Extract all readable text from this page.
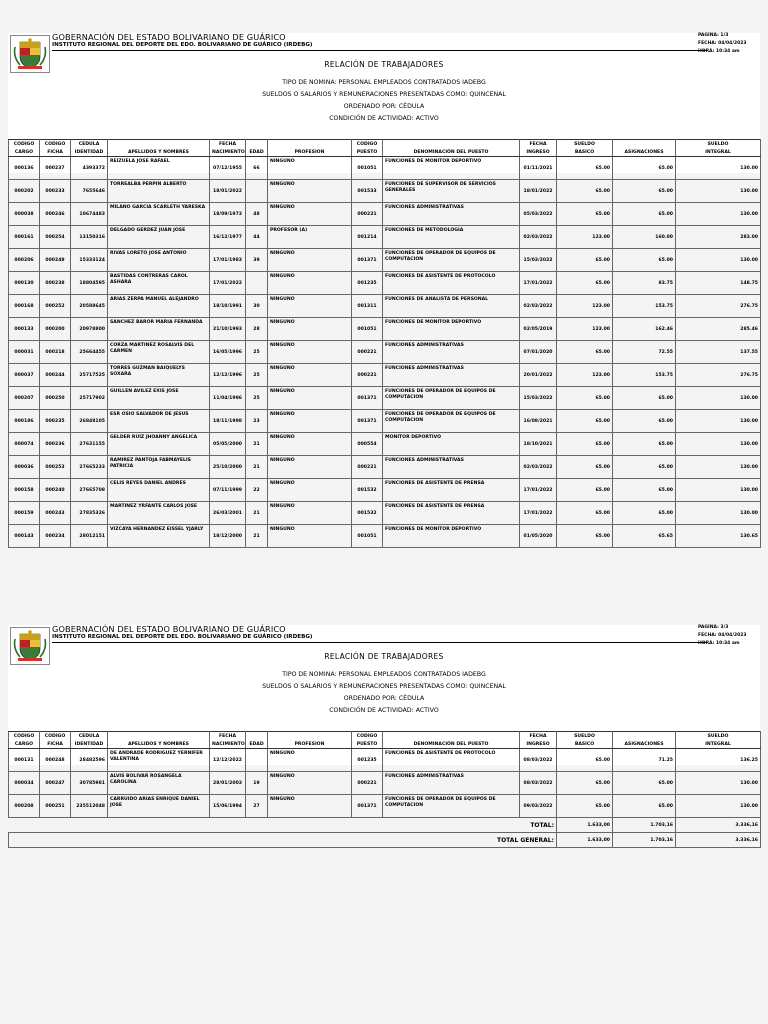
GOBERNACIÓN DEL ESTADO BOLIVARIANO DE GUÁRICO
INSTITUTO REGIONAL DEL DEPORTE DEL EDO. BOLIVARIANO DE GUÁRICO (IRDEBG)
PAGINA: 1/3
FECHA: 04/04/2023
HORA: 10:34 am
RELACIÓN DE TRABAJADORES
TIPO DE NOMINA: PERSONAL EMPLEADOS CONTRATADOS IADEBG
SUELDOS O SALARIOS Y REMUNERACIONES PRESENTADAS COMO: QUINCENAL
ORDENADO POR: CÉDULA
CONDICIÓN DE ACTIVIDAD: ACTIVO
CODIGO	CODIGO	CEDULA		FECHA			CODIGO		FECHA	SUELDO		SUELDO
CARGO	FICHA	IDENTIDAD	APELLIDOS Y NOMBRES	NACIMIENTO	EDAD	PROFESION	PUESTO	DENOMINACIÓN DEL PUESTO	INGRESO	BASICO	ASIGNACIONES	INTEGRAL
000136	000237	4393372	REIZUELA JOSE RAFAEL	07/12/1955	66	NINGUNO	001051	FUNCIONES DE MONITOR DEPORTIVO	01/11/2021	65.00	65.00	130.00
000202	000233	7655646	TORREALBA PERPIN ALBERTO	18/01/2022		NINGUNO	001533	FUNCIONES DE SUPERVISOR DE SERVICIOS GENERALES	18/01/2022	65.00	65.00	130.00
000038	000246	10674483	MILANO GARCIA SCARLETH YARESKA	18/09/1973	48	NINGUNO	000221	FUNCIONES ADMINISTRATIVAS	05/03/2022	65.00	65.00	130.00
000161	000254	13150316	DELGADO GERDEZ JUAN JOSE	16/12/1977	44	PROFESOR (A)	001214	FUNCIONES DE METODOLOGIA	02/03/2022	123.00	160.00	283.00
000206	000249	15333124	RIVAS LORETO JOSE ANTONIO	17/01/1983	39	NINGUNO	001371	FUNCIONES DE OPERADOR DE EQUIPOS DE COMPUTACION	15/03/2022	65.00	65.00	130.00
000130	000238	18804595	BASTIDAS CONTRERAS CAROL ASHARA	17/01/2022		NINGUNO	001235	FUNCIONES DE ASISTENTE DE PROTOCOLO	17/01/2022	65.00	83.75	148.75
000168	000252	20588645	ARIAS ZERPA MANUEL ALEJANDRO	18/10/1991	30	NINGUNO	001311	FUNCIONES DE ANALISTA DE PERSONAL	02/03/2022	123.00	153.75	276.75
000133	000200	20978800	SANCHEZ BAROR MARIA FERNANDA	21/10/1993	28	NINGUNO	001051	FUNCIONES DE MONITOR DEPORTIVO	02/05/2019	123.00	162.46	285.46
000031	000218	25664455	CORZA MARTINEZ ROSALVIS DEL CARMEN	16/05/1996	25	NINGUNO	000221	FUNCIONES ADMINISTRATIVAS	07/01/2020	65.00	72.55	137.55
000037	000244	25717525	TORRES GUZMAN BAIQUELYS SOXARA	12/12/1996	25	NINGUNO	000221	FUNCIONES ADMINISTRATIVAS	20/01/2022	123.00	153.75	276.75
000207	000250	25717902	GUILLEN AVILEZ EXIS JOSE	11/04/1996	25	NINGUNO	001371	FUNCIONES DE OPERADOR DE EQUIPOS DE COMPUTACION	15/03/2022	65.00	65.00	130.00
000186	000235	26848105	ESR OSIO SALVADOR DE JESUS	18/11/1998	23	NINGUNO	001371	FUNCIONES DE OPERADOR DE EQUIPOS DE COMPUTACION	16/08/2021	65.00	65.00	130.00
000074	000236	27631155	GELDER RUIZ JHOANNY ANGELICA	05/05/2000	21	NINGUNO	000554	MONITOR DEPORTIVO	18/10/2021	65.00	65.00	130.00
000036	000253	27665233	RAMIREZ PANTOJA FABMAYELIS PATRICIA	25/10/2000	21	NINGUNO	000221	FUNCIONES ADMINISTRATIVAS	02/03/2022	65.00	65.00	130.00
000158	000240	27665708	CELIS REYES DANIEL ANDRES	07/11/1999	22	NINGUNO	001532	FUNCIONES DE ASISTENTE DE PRENSA	17/01/2022	65.00	65.00	130.00
000159	000243	27835326	MARTINEZ YRFANTE CARLOS JOSE	26/03/2001	21	NINGUNO	001532	FUNCIONES DE ASISTENTE DE PRENSA	17/01/2022	65.00	65.00	130.00
000143	000234	28012151	VIZCAYA HERNANDEZ EISSEL YJARLY	18/12/2000	21	NINGUNO	001051	FUNCIONES DE MONITOR DEPORTIVO	01/05/2020	65.00	65.65	130.65
GOBERNACIÓN DEL ESTADO BOLIVARIANO DE GUÁRICO
INSTITUTO REGIONAL DEL DEPORTE DEL EDO. BOLIVARIANO DE GUÁRICO (IRDEBG)
PAGINA: 3/3
FECHA: 04/04/2023
HORA: 10:34 am
RELACIÓN DE TRABAJADORES
TIPO DE NOMINA: PERSONAL EMPLEADOS CONTRATADOS IADEBG
SUELDOS O SALARIOS Y REMUNERACIONES PRESENTADAS COMO: QUINCENAL
ORDENADO POR: CÉDULA
CONDICIÓN DE ACTIVIDAD: ACTIVO
CODIGO	CODIGO	CEDULA		FECHA			CODIGO		FECHA	SUELDO		SUELDO
CARGO	FICHA	IDENTIDAD	APELLIDOS Y NOMBRES	NACIMIENTO	EDAD	PROFESION	PUESTO	DENOMINACIÓN DEL PUESTO	INGRESO	BASICO	ASIGNACIONES	INTEGRAL
000131	000248	28482596	DE ANDRADE RODRIGUEZ YERNIFER VALENTINA	12/12/2022		NINGUNO	001235	FUNCIONES DE ASISTENTE DE PROTOCOLO	08/03/2022	65.00	71.25	136.25
000034	000247	30785981	ALVIS BOLIVAR ROSANGELA CAROLINA	28/01/2003	19	NINGUNO	000221	FUNCIONES ADMINISTRATIVAS	08/03/2022	65.00	65.00	130.00
000208	000251	235512048	CARRUIDO ARIAS ENRIQUE DANIEL JOSE	15/06/1994	27	NINGUNO	001371	FUNCIONES DE OPERADOR DE EQUIPOS DE COMPUTACION	09/03/2022	65.00	65.00	130.00
TOTAL:										1.633,00	1.703,16	3.336,16
TOTAL GENERAL:										1.633,00	1.703,16	3.336,16
